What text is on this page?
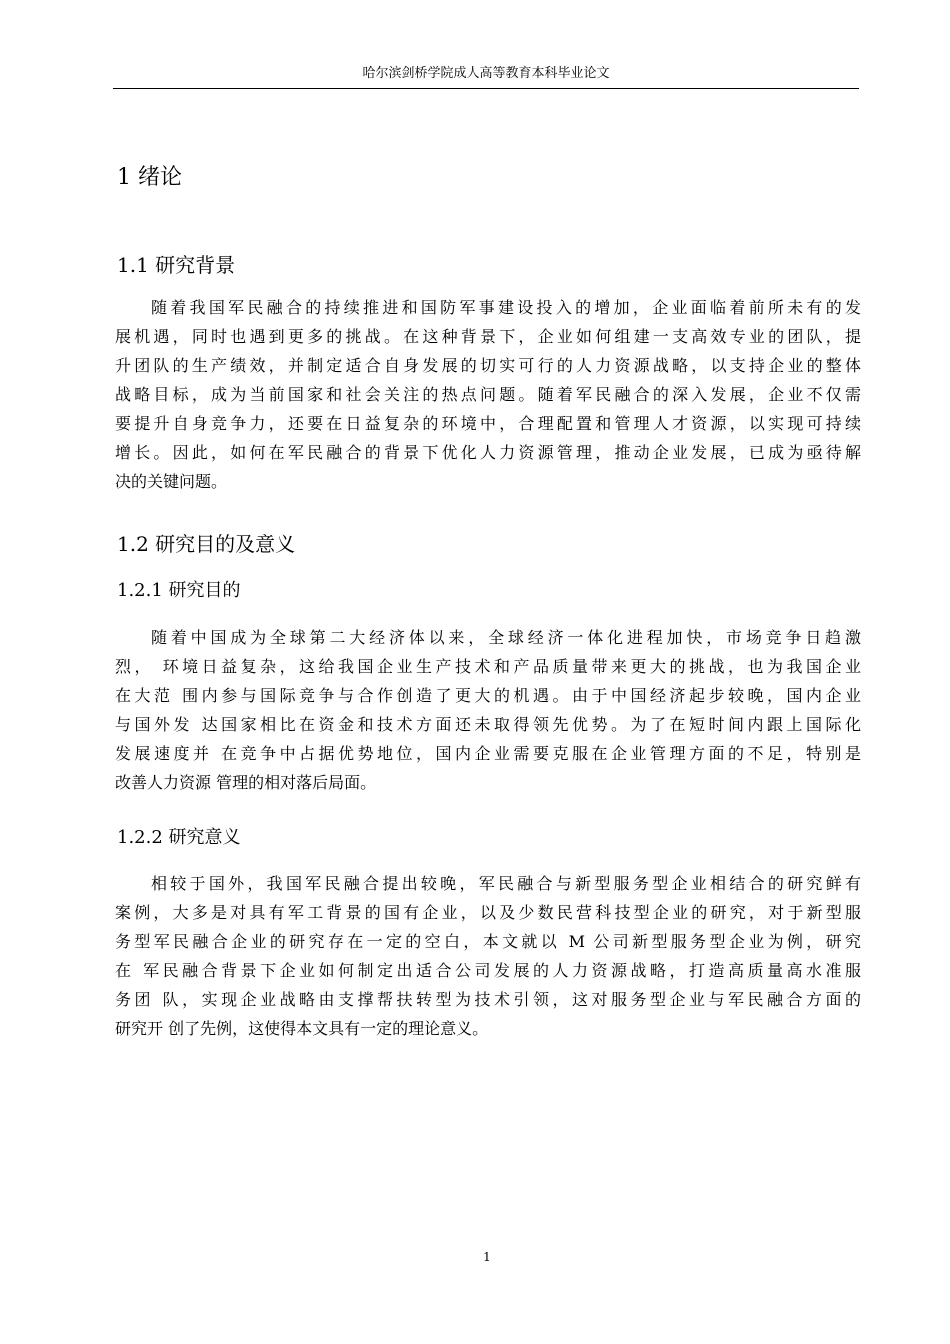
哈尔滨剑桥学院成人高等教育本科毕业论文
1 绪论
1.1 研究背景
随着我国军民融合的持续推进和国防军事建设投入的增加，企业面临着前所未有的发
展机遇，同时也遇到更多的挑战。在这种背景下，企业如何组建一支高效专业的团队，提
升团队的生产绩效，并制定适合自身发展的切实可行的人力资源战略，以支持企业的整体
战略目标，成为当前国家和社会关注的热点问题。随着军民融合的深入发展，企业不仅需
要提升自身竞争力，还要在日益复杂的环境中，合理配置和管理人才资源，以实现可持续
增长。因此，如何在军民融合的背景下优化人力资源管理，推动企业发展，已成为亟待解
决的关键问题。
1.2 研究目的及意义
1.2.1 研究目的
随着中国成为全球第二大经济体以来，全球经济一体化进程加快，市场竞争日趋激
烈， 环境日益复杂，这给我国企业生产技术和产品质量带来更大的挑战，也为我国企业
在大范 围内参与国际竞争与合作创造了更大的机遇。由于中国经济起步较晚，国内企业
与国外发 达国家相比在资金和技术方面还未取得领先优势。为了在短时间内跟上国际化
发展速度并 在竞争中占据优势地位，国内企业需要克服在企业管理方面的不足，特别是
改善人力资源 管理的相对落后局面。
1.2.2 研究意义
相较于国外，我国军民融合提出较晚，军民融合与新型服务型企业相结合的研究鲜有
案例，大多是对具有军工背景的国有企业，以及少数民营科技型企业的研究，对于新型服
务型军民融合企业的研究存在一定的空白，本文就以 M 公司新型服务型企业为例，研究
在 军民融合背景下企业如何制定出适合公司发展的人力资源战略，打造高质量高水准服
务团 队，实现企业战略由支撑帮扶转型为技术引领，这对服务型企业与军民融合方面的
研究开 创了先例，这使得本文具有一定的理论意义。
1
